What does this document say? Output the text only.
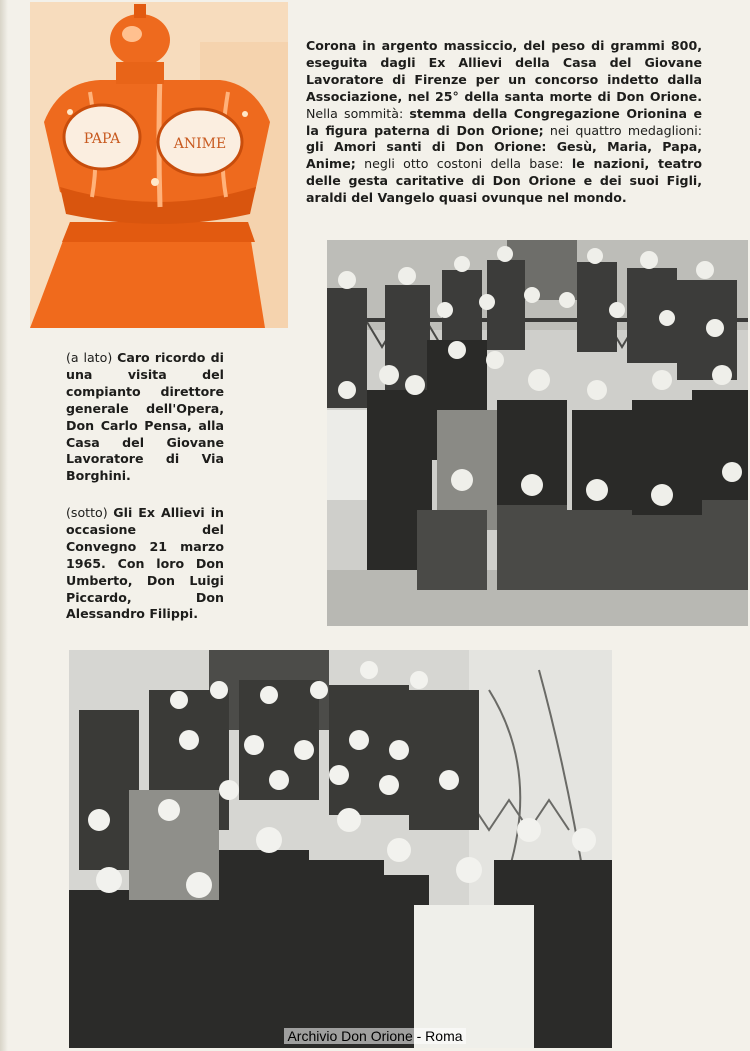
PAPA	ANIME
Corona in argento massiccio, del peso di grammi 800, eseguita dagli Ex Allievi della Casa del Giovane Lavoratore di Firenze per un concorso indetto dalla Associazione, nel 25° della santa morte di Don Orione. Nella sommità: stemma della Congregazione Orionina e la figura paterna di Don Orione; nei quattro medaglioni: gli Amori santi di Don Orione: Gesù, Maria, Papa, Anime; negli otto costoni della base: le nazioni, teatro delle gesta caritative di Don Orione e dei suoi Figli, araldi del Vangelo quasi ovunque nel mondo.
(a lato) Caro ricordo di una visita del compianto direttore generale dell'Opera, Don Carlo Pensa, alla Casa del Giovane Lavoratore di Via Borghini.
(sotto) Gli Ex Allievi in occasione del Convegno 21 marzo 1965. Con loro Don Umberto, Don Luigi Piccardo, Don Alessandro Filippi.
Archivio Don Orione - Roma
